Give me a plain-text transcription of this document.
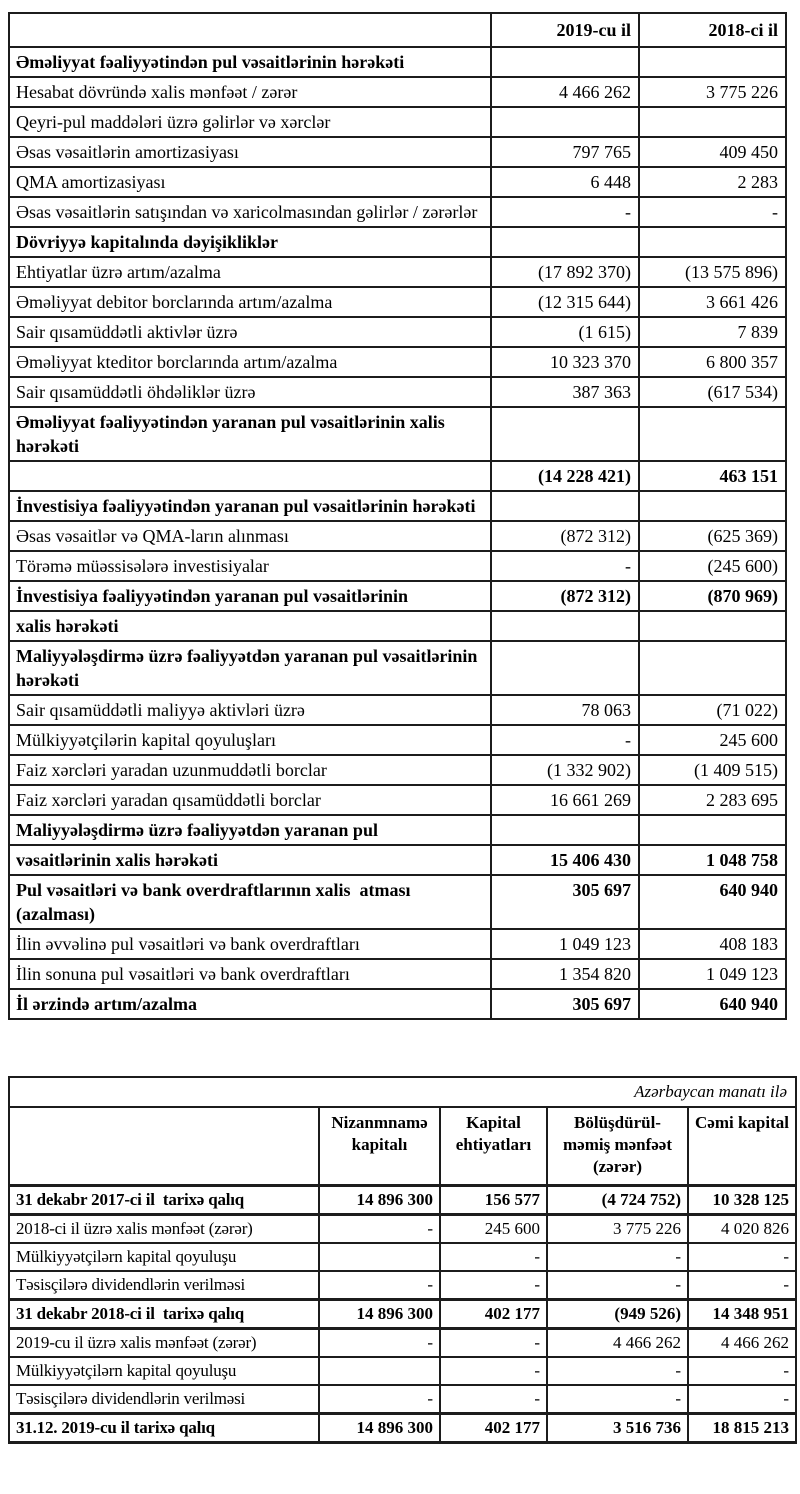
	2019-cu il	2018-ci il
Əməliyyat fəaliyyətindən pul vəsaitlərinin hərəkəti		
Hesabat dövründə xalis mənfəət / zərər	4 466 262	3 775 226
Qeyri-pul maddələri üzrə gəlirlər və xərclər		
Əsas vəsaitlərin amortizasiyası	797 765	409 450
QMA amortizasiyası	6 448	2 283
Əsas vəsaitlərin satışından və xaricolmasından gəlirlər / zərərlər	-	-
Dövriyyə kapitalında dəyişikliklər		
Ehtiyatlar üzrə artım/azalma	(17 892 370)	(13 575 896)
Əməliyyat debitor borclarında artım/azalma	(12 315 644)	3 661 426
Sair qısamüddətli aktivlər üzrə	(1 615)	7 839
Əməliyyat kteditor borclarında artım/azalma	10 323 370	6 800 357
Sair qısamüddətli öhdəliklər üzrə	387 363	(617 534)
Əməliyyat fəaliyyətindən yaranan pul vəsaitlərinin xalis hərəkəti		
	(14 228 421)	463 151
İnvestisiya fəaliyyətindən yaranan pul vəsaitlərinin hərəkəti		
Əsas vəsaitlər və QMA-ların alınması	(872 312)	(625 369)
Törəmə müəssisələrə investisiyalar	-	(245 600)
İnvestisiya fəaliyyətindən yaranan pul vəsaitlərinin	(872 312)	(870 969)
xalis hərəkəti		
Maliyyələşdirmə üzrə fəaliyyətdən yaranan pul vəsaitlərinin hərəkəti		
Sair qısamüddətli maliyyə aktivləri üzrə	78 063	(71 022)
Mülkiyyətçilərin kapital qoyuluşları	-	245 600
Faiz xərcləri yaradan uzunmuddətli borclar	(1 332 902)	(1 409 515)
Faiz xərcləri yaradan qısamüddətli borclar	16 661 269	2 283 695
Maliyyələşdirmə üzrə fəaliyyətdən yaranan pul		
vəsaitlərinin xalis hərəkəti	15 406 430	1 048 758
Pul vəsaitləri və bank overdraftlarının xalis  atması (azalması)	305 697	640 940
İlin əvvəlinə pul vəsaitləri və bank overdraftları	1 049 123	408 183
İlin sonuna pul vəsaitləri və bank overdraftları	1 354 820	1 049 123
İl ərzində artım/azalma	305 697	640 940
Azərbaycan manatı ilə				
	Nizanmnamə kapitalı	Kapital ehtiyatları	Bölüşdürül-məmiş mənfəət (zərər)	Cəmi kapital
31 dekabr 2017-ci il  tarixə qalıq	14 896 300	156 577	(4 724 752)	10 328 125
2018-ci il üzrə xalis mənfəət (zərər)	-	245 600	3 775 226	4 020 826
Mülkiyyətçilərn kapital qoyuluşu		-	-	-
Təsisçilərə dividendlərin verilməsi	-	-	-	-
31 dekabr 2018-ci il  tarixə qalıq	14 896 300	402 177	(949 526)	14 348 951
2019-cu il üzrə xalis mənfəət (zərər)	-	-	4 466 262	4 466 262
Mülkiyyətçilərn kapital qoyuluşu		-	-	-
Təsisçilərə dividendlərin verilməsi	-	-	-	-
31.12. 2019-cu il tarixə qalıq	14 896 300	402 177	3 516 736	18 815 213
